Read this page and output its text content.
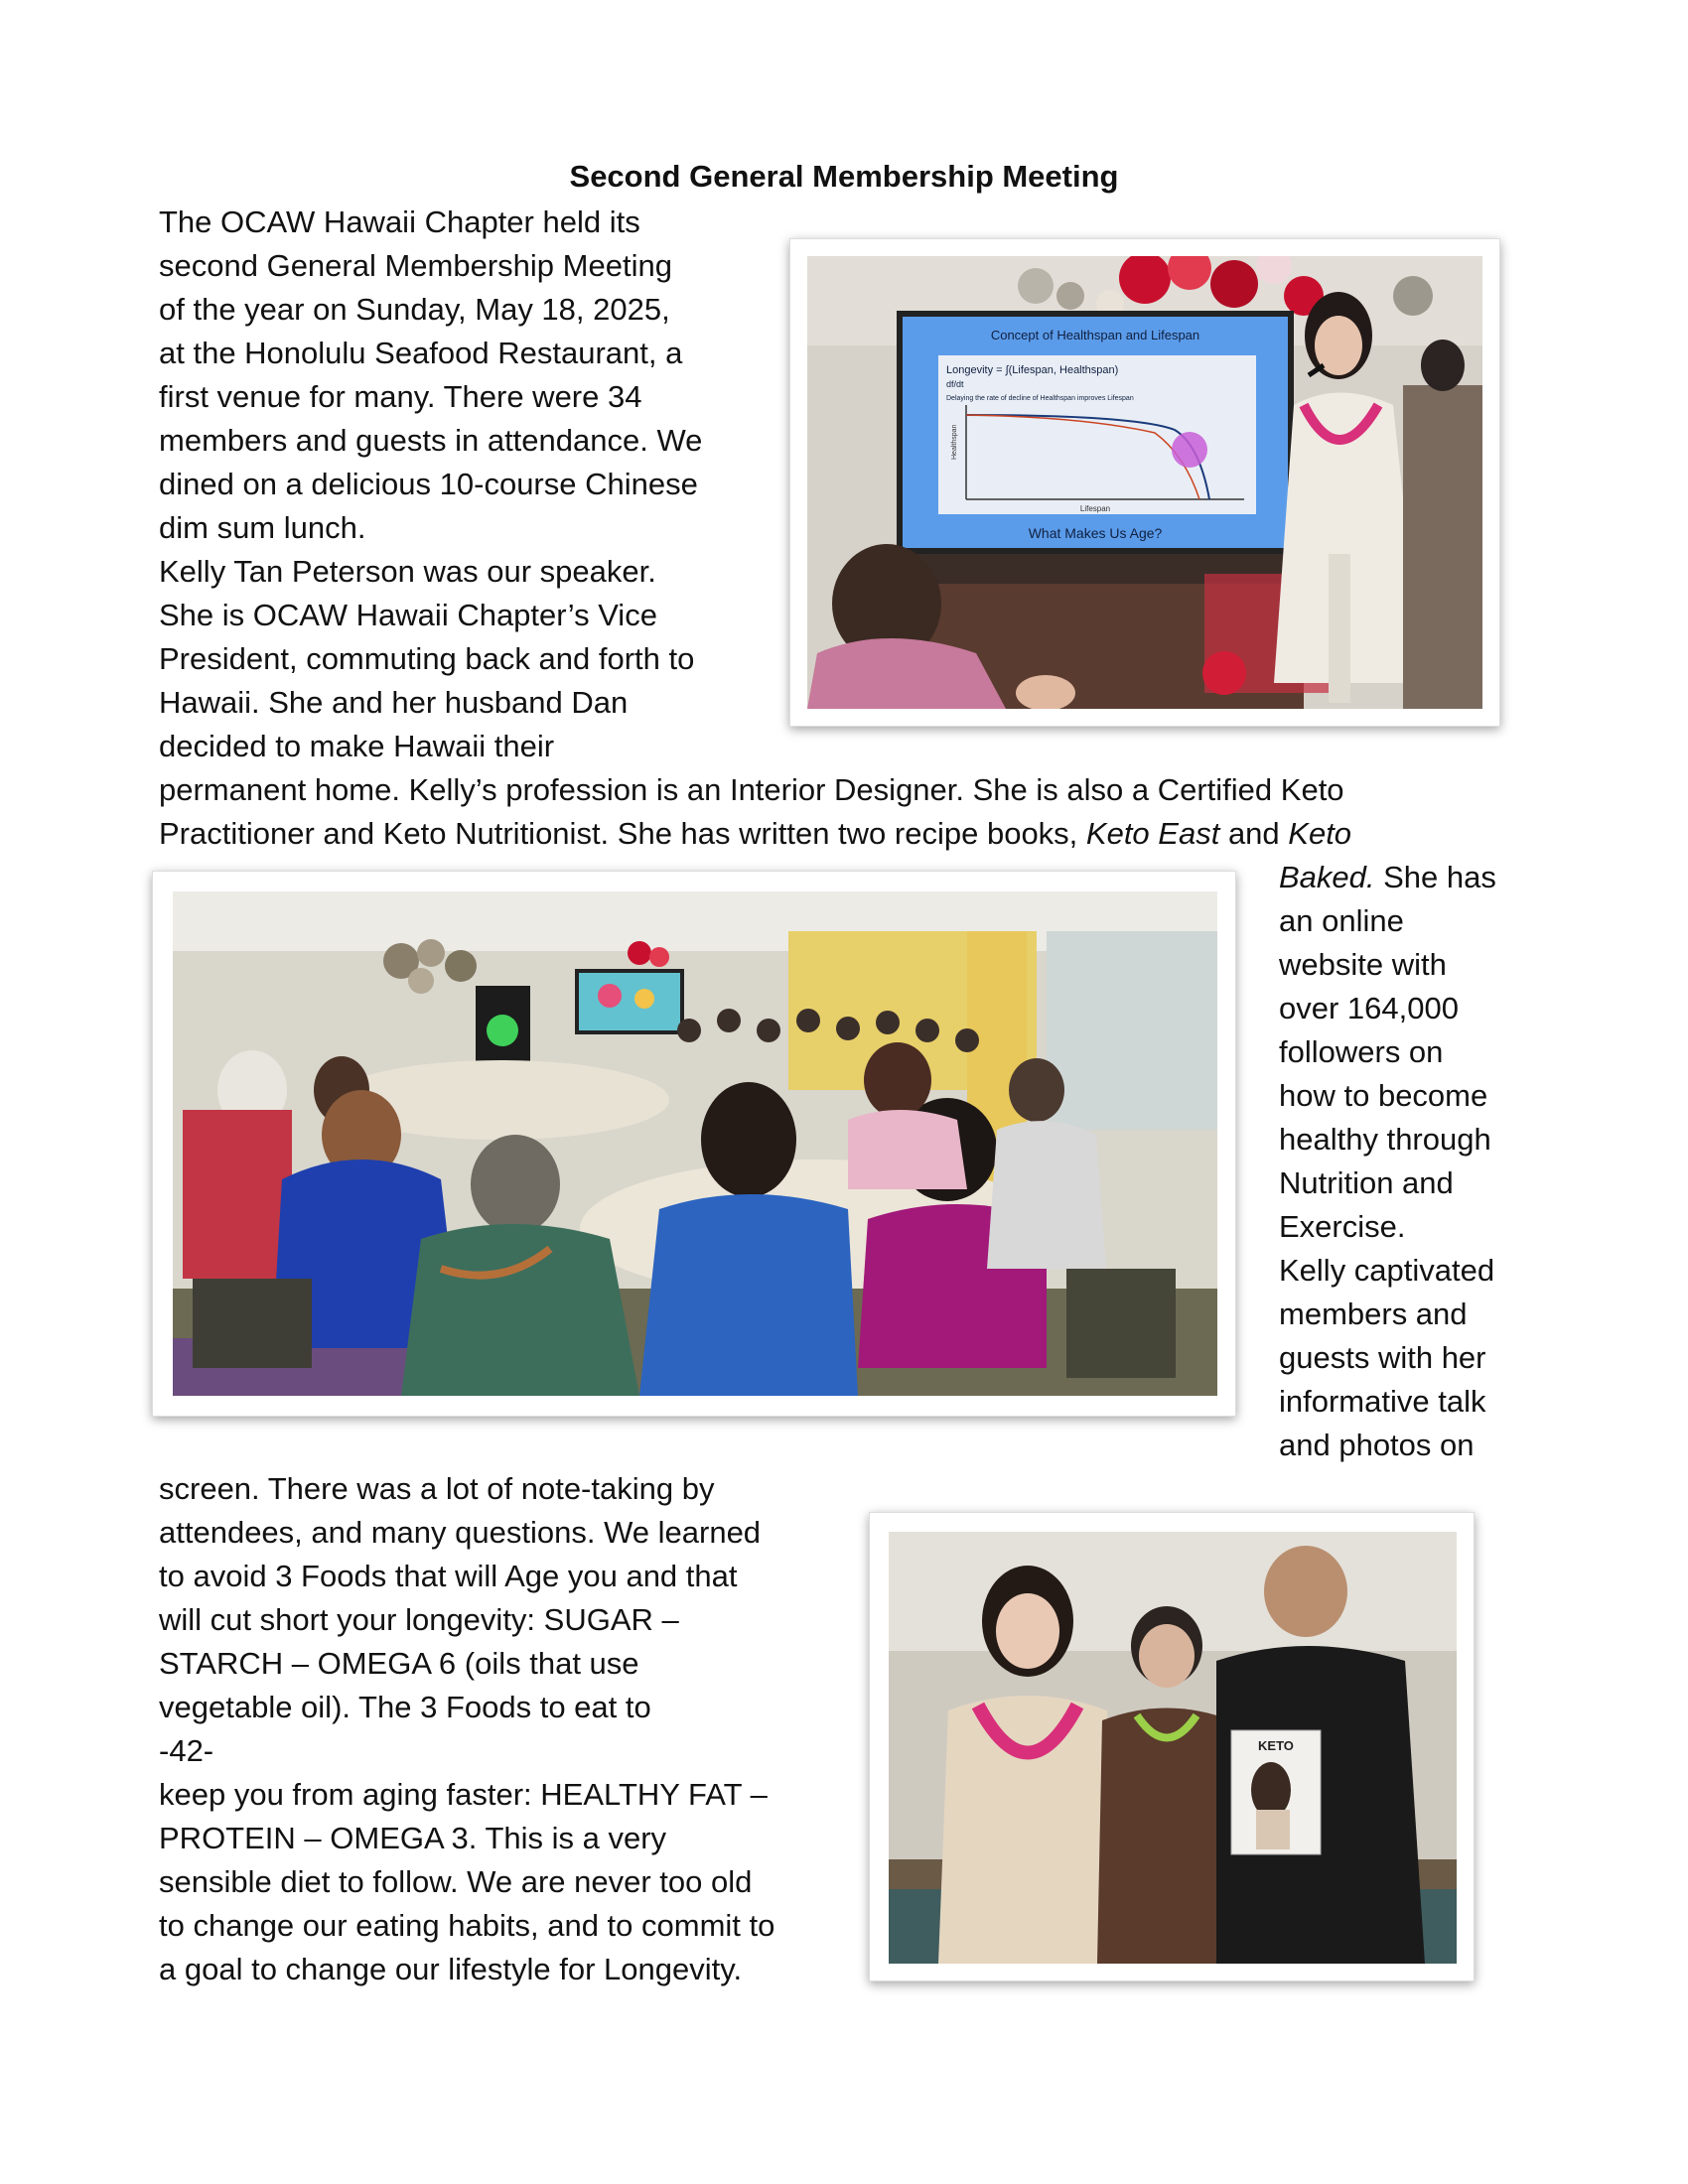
Second General Membership Meeting
The OCAW Hawaii Chapter held its
second General Membership Meeting
of the year on Sunday, May 18, 2025,
at the Honolulu Seafood Restaurant, a
first venue for many. There were 34
members and guests in attendance. We
dined on a delicious 10-course Chinese
dim sum lunch.
Kelly Tan Peterson was our speaker.
She is OCAW Hawaii Chapter’s Vice
President, commuting back and forth to
Hawaii. She and her husband Dan
decided to make Hawaii their
permanent home. Kelly’s profession is an Interior Designer. She is also a Certified Keto
Practitioner and Keto Nutritionist. She has written two recipe books, Keto East and Keto
Baked. She has
an online
website with
over 164,000
followers on
how to become
healthy through
Nutrition and
Exercise.
Kelly captivated
members and
guests with her
informative talk
and photos on
screen. There was a lot of note-taking by
attendees, and many questions. We learned
to avoid 3 Foods that will Age you and that
will cut short your longevity: SUGAR –
STARCH – OMEGA 6 (oils that use
vegetable oil). The 3 Foods to eat to
-42-
keep you from aging faster: HEALTHY FAT –
PROTEIN – OMEGA 3. This is a very
sensible diet to follow. We are never too old
to change our eating habits, and to commit to
a goal to change our lifestyle for Longevity.
Concept of Healthspan and Lifespan
Longevity = ∫(Lifespan, Healthspan)
df/dt
Delaying the rate of decline of Healthspan improves Lifespan
Healthspan
Lifespan
What Makes Us Age?
KETO
